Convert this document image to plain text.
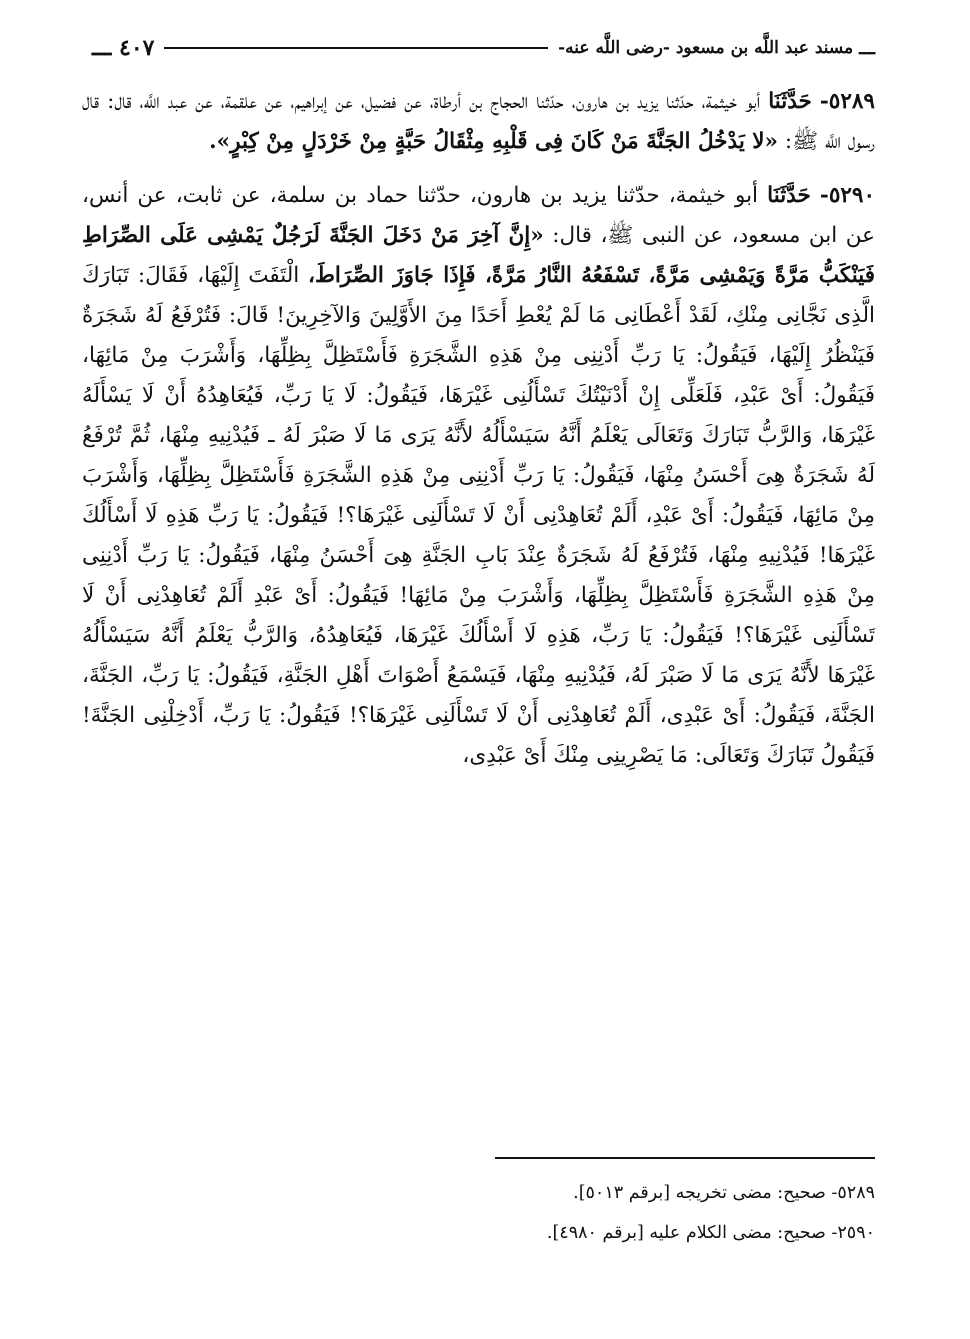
ـــ
مسند عبد اللَّه بن مسعود -رضى اللَّه عنه-
٤٠٧ ـــ

٥٢٨٩- حَدَّثَنَا أبو خيثمة، حدّثنا يزيد بن هارون، حدّثنا الحجاج بن أرطاة، عن فضيل، عن إبراهيم، عن علقمة، عن عبد اللَّه، قال: قال رسول اللَّه ﷺ: «لا يَدْخُلُ الجَنَّةَ مَنْ كَانَ فِى قَلْبِهِ مِثْقَالُ حَبَّةٍ مِنْ خَرْدَلٍ مِنْ كِبْرٍ».

٥٢٩٠- حَدَّثَنَا أبو خيثمة، حدّثنا يزيد بن هارون، حدّثنا حماد بن سلمة، عن ثابت، عن أنس، عن ابن مسعود، عن النبى ﷺ، قال: «إِنَّ آخِرَ مَنْ دَخَلَ الجَنَّةَ لَرَجُلٌ يَمْشِى عَلَى الصِّرَاطِ فَيَنْكَبُّ مَرَّةً وَيَمْشِى مَرَّةً، تَسْفَعُهُ النَّارُ مَرَّةً، فَإِذَا جَاوَزَ الصِّرَاطَ، الْتَفَتَ إِلَيْهَا، فَقَالَ: تَبَارَكَ الَّذِى نَجَّانِى مِنْكِ، لَقَدْ أَعْطَانِى مَا لَمْ يُعْطِ أَحَدًا مِنَ الأَوَّلِينَ وَالآخِرِينَ! قَالَ: فَتُرْفَعُ لَهُ شَجَرَةٌ فَيَنْظُرُ إِلَيْهَا، فَيَقُولُ: يَا رَبِّ أَدْنِنِى مِنْ هَذِهِ الشَّجَرَةِ فَأَسْتَظِلَّ بِظِلِّهَا، وَأَشْرَبَ مِنْ مَائِهَا، فَيَقُولُ: أَىْ عَبْدِ، فَلَعَلِّى إِنْ أَدْنَيْتُكَ تَسْأَلُنِى غَيْرَهَا، فَيَقُولُ: لَا يَا رَبِّ، فَيُعَاهِدُهُ أَنْ لَا يَسْأَلَهُ غَيْرَهَا، وَالرَّبُّ تَبَارَكَ وَتَعَالَى يَعْلَمُ أَنَّهُ سَيَسْأَلُهُ لأَنَّهُ يَرَى مَا لَا صَبْرَ لَهُ ـ فَيُدْنِيهِ مِنْهَا، ثُمَّ تُرْفَعُ لَهُ شَجَرَةٌ هِىَ أَحْسَنُ مِنْهَا، فَيَقُولُ: يَا رَبِّ أَدْنِنِى مِنْ هَذِهِ الشَّجَرَةِ فَأَسْتَظِلَّ بِظِلِّهَا، وَأَشْرَبَ مِنْ مَائِهَا، فَيَقُولُ: أَىْ عَبْدِ، أَلَمْ تُعَاهِدْنِى أَنْ لَا تَسْأَلَنِى غَيْرَهَا؟! فَيَقُولُ: يَا رَبِّ هَذِهِ لَا أَسْأَلُكَ غَيْرَهَا! فَيُدْنِيهِ مِنْهَا، فَتُرْفَعُ لَهُ شَجَرَةٌ عِنْدَ بَابِ الجَنَّةِ هِىَ أَحْسَنُ مِنْهَا، فَيَقُولُ: يَا رَبِّ أَدْنِنِى مِنْ هَذِهِ الشَّجَرَةِ فَأَسْتَظِلَّ بِظِلِّهَا، وَأَشْرَبَ مِنْ مَائِهَا! فَيَقُولُ: أَىْ عَبْدِ أَلَمْ تُعَاهِدْنِى أَنْ لَا تَسْأَلَنِى غَيْرَهَا؟! فَيَقُولُ: يَا رَبِّ، هَذِهِ لَا أَسْأَلُكَ غَيْرَهَا، فَيُعَاهِدُهُ، وَالرَّبُّ يَعْلَمُ أَنَّهُ سَيَسْأَلُهُ غَيْرَهَا لأَنَّهُ يَرَى مَا لَا صَبْرَ لَهُ، فَيُدْنِيهِ مِنْهَا، فَيَسْمَعُ أَصْوَاتَ أَهْلِ الجَنَّةِ، فَيَقُولُ: يَا رَبِّ، الجَنَّةَ، الجَنَّةَ، فَيَقُولُ: أَىْ عَبْدِى، أَلَمْ تُعَاهِدْنِى أَنْ لَا تَسْأَلَنِى غَيْرَهَا؟! فَيَقُولُ: يَا رَبِّ، أَدْخِلْنِى الجَنَّةَ! فَيَقُولُ تَبَارَكَ وَتَعَالَى: مَا يَصْرِينِى مِنْكَ أَىْ عَبْدِى،

٥٢٨٩- صحيح: مضى تخريجه [برقم ٥٠١٣].

٢٥٩٠- صحيح: مضى الكلام عليه [برقم ٤٩٨٠].
